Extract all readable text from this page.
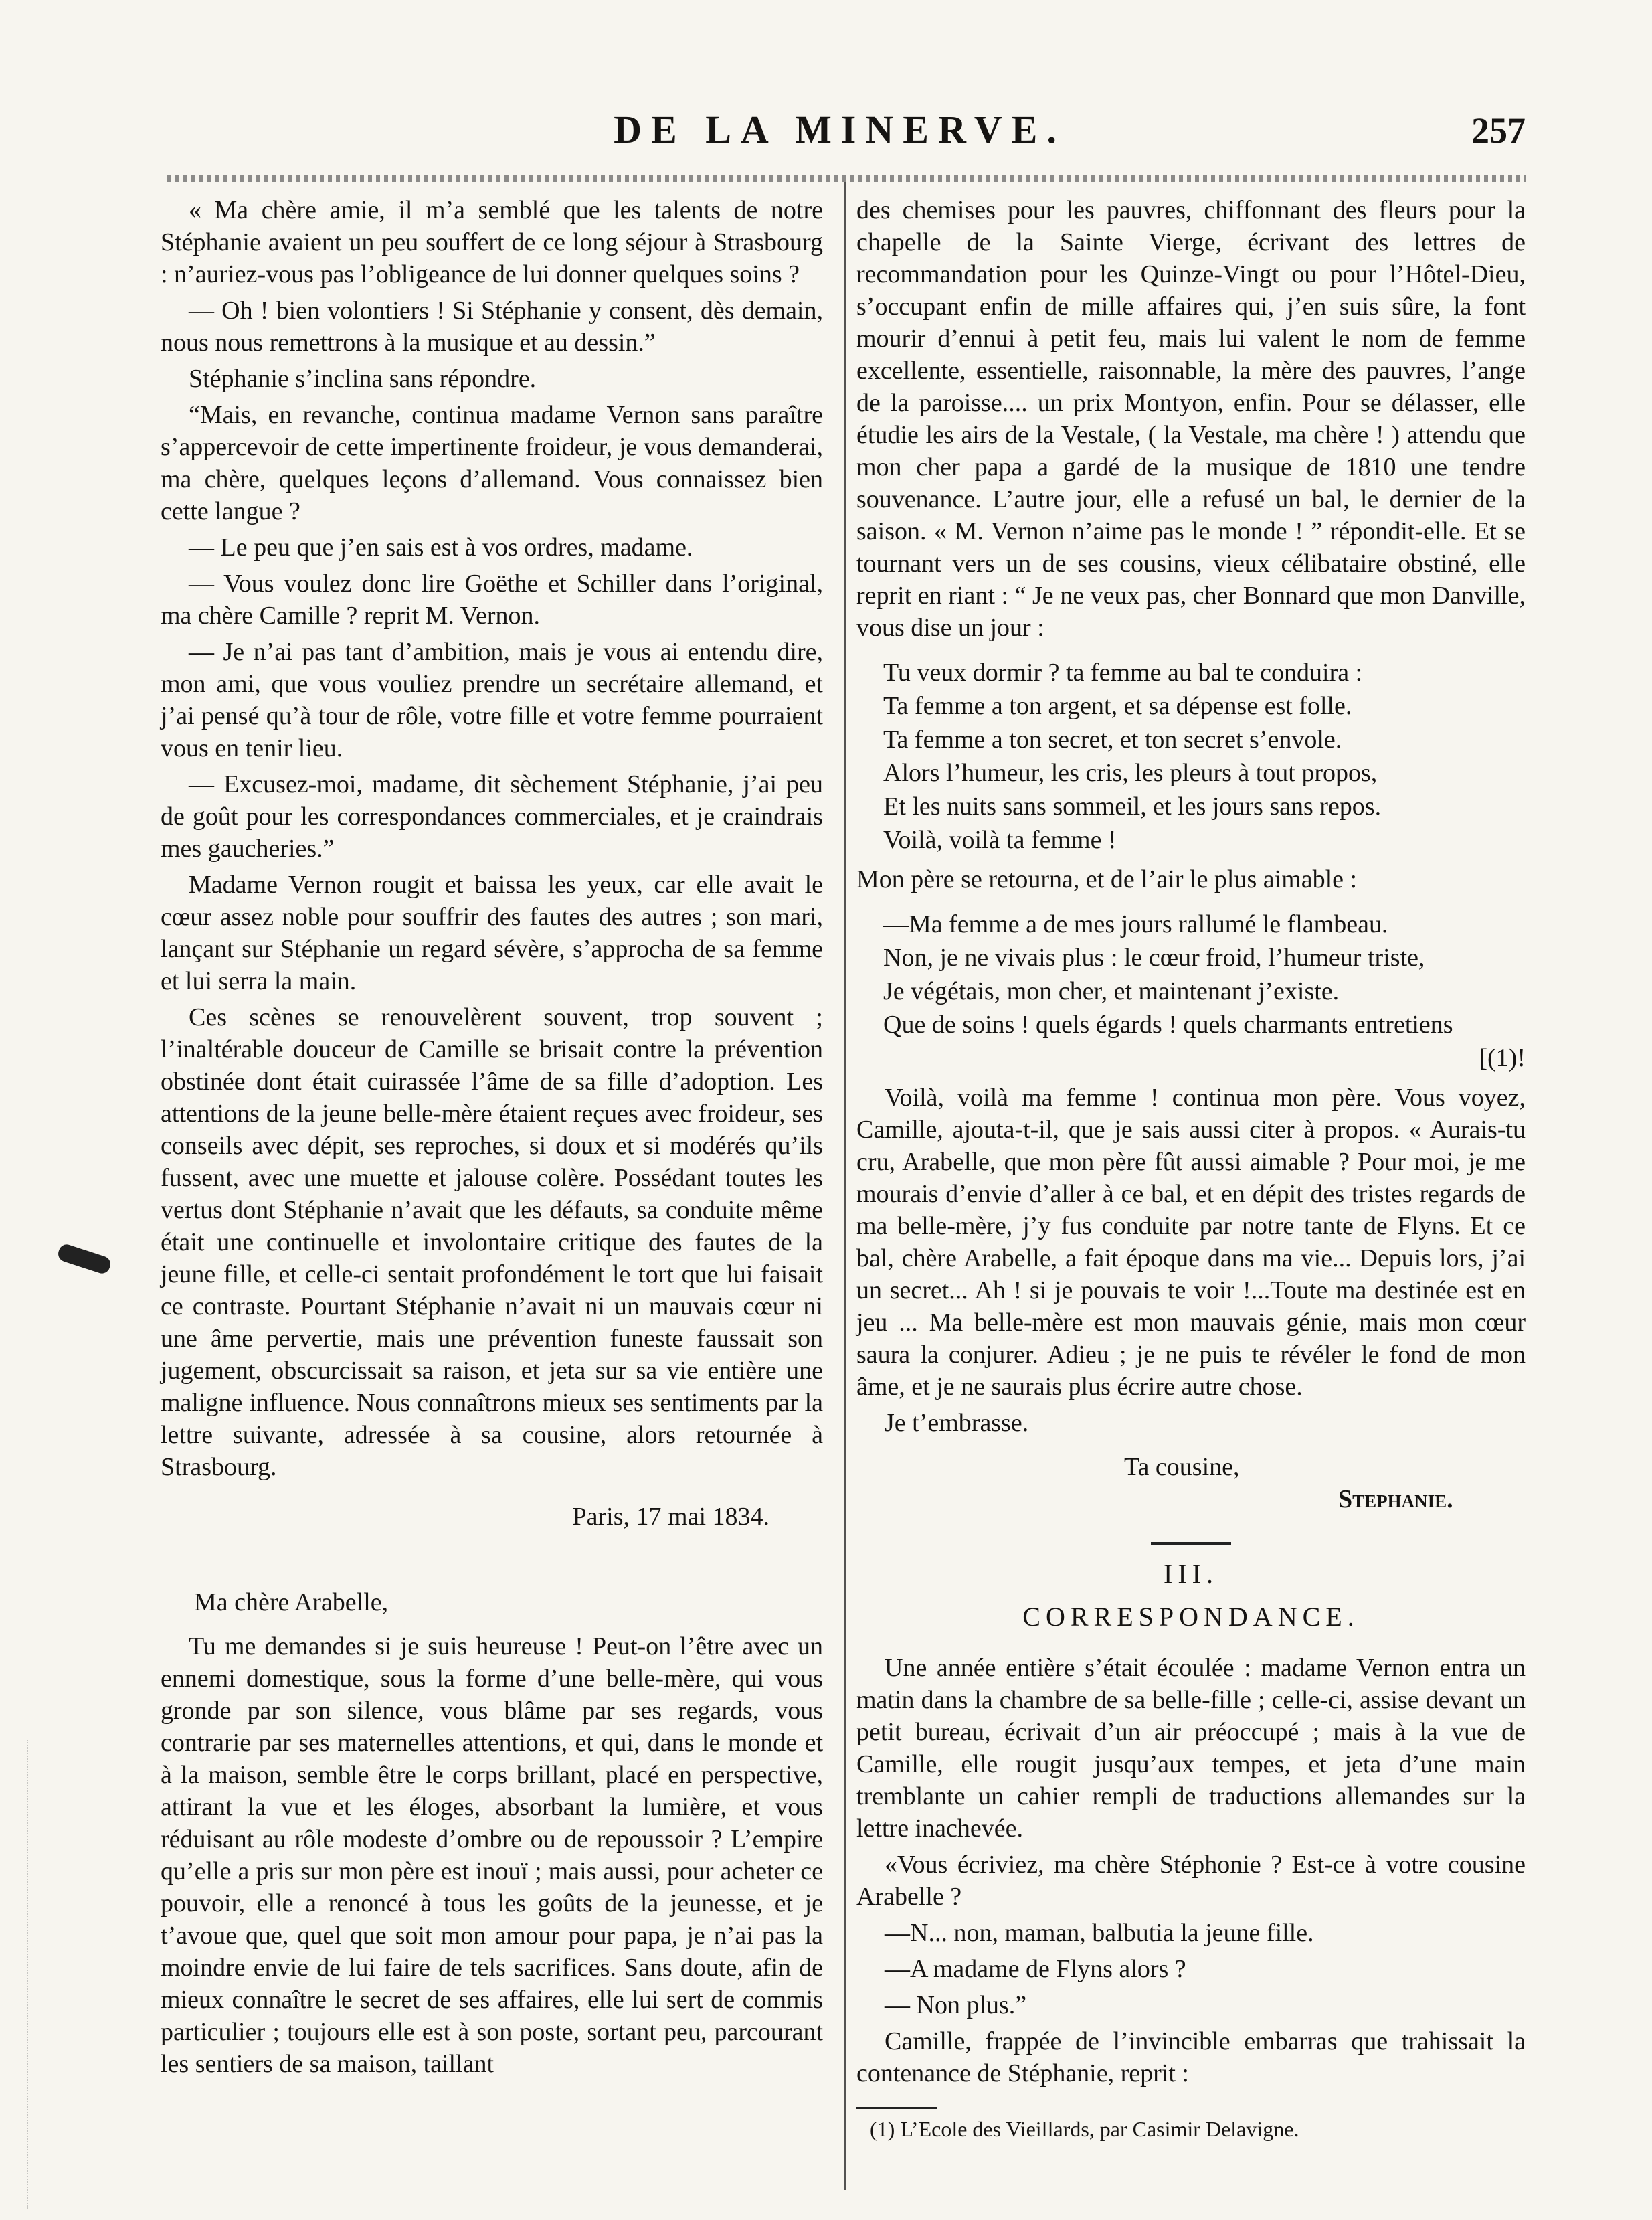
DE LA MINERVE.	257

« Ma chère amie, il m’a semblé que les talents de notre Stéphanie avaient un peu souffert de ce long séjour à Strasbourg : n’auriez-vous pas l’obligeance de lui donner quelques soins ?

— Oh ! bien volontiers ! Si Stéphanie y consent, dès demain, nous nous remettrons à la musique et au dessin.”

Stéphanie s’inclina sans répondre.

“Mais, en revanche, continua madame Vernon sans paraître s’appercevoir de cette impertinente froideur, je vous demanderai, ma chère, quelques leçons d’allemand. Vous connaissez bien cette langue ?

— Le peu que j’en sais est à vos ordres, madame.

— Vous voulez donc lire Goëthe et Schiller dans l’original, ma chère Camille ? reprit M. Vernon.

— Je n’ai pas tant d’ambition, mais je vous ai entendu dire, mon ami, que vous vouliez prendre un secrétaire allemand, et j’ai pensé qu’à tour de rôle, votre fille et votre femme pourraient vous en tenir lieu.

— Excusez-moi, madame, dit sèchement Stéphanie, j’ai peu de goût pour les correspondances commerciales, et je craindrais mes gaucheries.”

Madame Vernon rougit et baissa les yeux, car elle avait le cœur assez noble pour souffrir des fautes des autres ; son mari, lançant sur Stéphanie un regard sévère, s’approcha de sa femme et lui serra la main.

Ces scènes se renouvelèrent souvent, trop souvent ; l’inaltérable douceur de Camille se brisait contre la prévention obstinée dont était cuirassée l’âme de sa fille d’adoption. Les attentions de la jeune belle-mère étaient reçues avec froideur, ses conseils avec dépit, ses reproches, si doux et si modérés qu’ils fussent, avec une muette et jalouse colère. Possédant toutes les vertus dont Stéphanie n’avait que les défauts, sa conduite même était une continuelle et involontaire critique des fautes de la jeune fille, et celle-ci sentait profondément le tort que lui faisait ce contraste. Pourtant Stéphanie n’avait ni un mauvais cœur ni une âme pervertie, mais une prévention funeste faussait son jugement, obscurcissait sa raison, et jeta sur sa vie entière une maligne influence. Nous connaîtrons mieux ses sentiments par la lettre suivante, adressée à sa cousine, alors retournée à Strasbourg.

Paris, 17 mai 1834.

Ma chère Arabelle,

Tu me demandes si je suis heureuse ! Peut-on l’être avec un ennemi domestique, sous la forme d’une belle-mère, qui vous gronde par son silence, vous blâme par ses regards, vous contrarie par ses maternelles attentions, et qui, dans le monde et à la maison, semble être le corps brillant, placé en perspective, attirant la vue et les éloges, absorbant la lumière, et vous réduisant au rôle modeste d’ombre ou de repoussoir ? L’empire qu’elle a pris sur mon père est inouï ; mais aussi, pour acheter ce pouvoir, elle a renoncé à tous les goûts de la jeunesse, et je t’avoue que, quel que soit mon amour pour papa, je n’ai pas la moindre envie de lui faire de tels sacrifices. Sans doute, afin de mieux connaître le secret de ses affaires, elle lui sert de commis particulier ; toujours elle est à son poste, sortant peu, parcourant les sentiers de sa maison, taillant

des chemises pour les pauvres, chiffonnant des fleurs pour la chapelle de la Sainte Vierge, écrivant des lettres de recommandation pour les Quinze-Vingt ou pour l’Hôtel-Dieu, s’occupant enfin de mille affaires qui, j’en suis sûre, la font mourir d’ennui à petit feu, mais lui valent le nom de femme excellente, essentielle, raisonnable, la mère des pauvres, l’ange de la paroisse.... un prix Montyon, enfin. Pour se délasser, elle étudie les airs de la Vestale, ( la Vestale, ma chère ! ) attendu que mon cher papa a gardé de la musique de 1810 une tendre souvenance. L’autre jour, elle a refusé un bal, le dernier de la saison. « M. Vernon n’aime pas le monde ! ” répondit-elle. Et se tournant vers un de ses cousins, vieux célibataire obstiné, elle reprit en riant : “ Je ne veux pas, cher Bonnard que mon Danville, vous dise un jour :

Tu veux dormir ? ta femme au bal te conduira :
Ta femme a ton argent, et sa dépense est folle.
Ta femme a ton secret, et ton secret s’envole.
Alors l’humeur, les cris, les pleurs à tout propos,
Et les nuits sans sommeil, et les jours sans repos.
Voilà, voilà ta femme !

Mon père se retourna, et de l’air le plus aimable :

—Ma femme a de mes jours rallumé le flambeau.
Non, je ne vivais plus : le cœur froid, l’humeur triste,
Je végétais, mon cher, et maintenant j’existe.
Que de soins ! quels égards ! quels charmants entretiens
[(1)!

Voilà, voilà ma femme ! continua mon père. Vous voyez, Camille, ajouta-t-il, que je sais aussi citer à propos. « Aurais-tu cru, Arabelle, que mon père fût aussi aimable ? Pour moi, je me mourais d’envie d’aller à ce bal, et en dépit des tristes regards de ma belle-mère, j’y fus conduite par notre tante de Flyns. Et ce bal, chère Arabelle, a fait époque dans ma vie... Depuis lors, j’ai un secret... Ah ! si je pouvais te voir !...Toute ma destinée est en jeu ... Ma belle-mère est mon mauvais génie, mais mon cœur saura la conjurer. Adieu ; je ne puis te révéler le fond de mon âme, et je ne saurais plus écrire autre chose.

Je t’embrasse.

Ta cousine,
Stephanie.
III.
CORRESPONDANCE.

Une année entière s’était écoulée : madame Vernon entra un matin dans la chambre de sa belle-fille ; celle-ci, assise devant un petit bureau, écrivait d’un air préoccupé ; mais à la vue de Camille, elle rougit jusqu’aux tempes, et jeta d’une main tremblante un cahier rempli de traductions allemandes sur la lettre inachevée.

«Vous écriviez, ma chère Stéphonie ? Est-ce à votre cousine Arabelle ?

—N... non, maman, balbutia la jeune fille.

—A madame de Flyns alors ?

— Non plus.”

Camille, frappée de l’invincible embarras que trahissait la contenance de Stéphanie, reprit :

(1) L’Ecole des Vieillards, par Casimir Delavigne.
